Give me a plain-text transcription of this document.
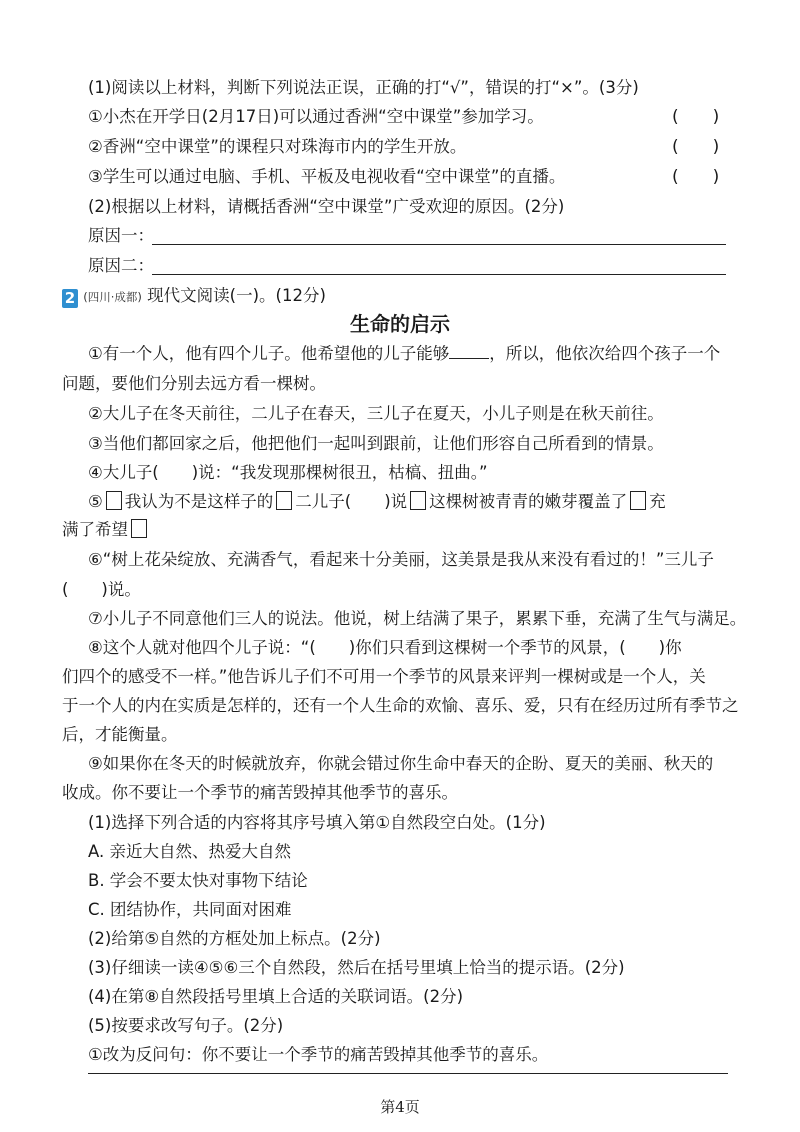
(1)阅读以上材料，判断下列说法正误，正确的打“√”，错误的打“×”。(3分)
①小杰在开学日(2月17日)可以通过香洲“空中课堂”参加学习。	(　　)
②香洲“空中课堂”的课程只对珠海市内的学生开放。	(　　)
③学生可以通过电脑、手机、平板及电视收看“空中课堂”的直播。	(　　)
(2)根据以上材料，请概括香洲“空中课堂”广受欢迎的原因。(2分)
原因一：
原因二：
2 (四川·成都) 现代文阅读(一)。(12分)
生命的启示
①有一个人，他有四个儿子。他希望他的儿子能够 ，所以，他依次给四个孩子一个
问题，要他们分别去远方看一棵树。
②大儿子在冬天前往，二儿子在春天，三儿子在夏天，小儿子则是在秋天前往。
③当他们都回家之后，他把他们一起叫到跟前，让他们形容自己所看到的情景。
④大儿子(　　)说：“我发现那棵树很丑，枯槁、扭曲。”
⑤ 我认为不是这样子的 二儿子(　　)说 这棵树被青青的嫩芽覆盖了 充
满了希望
⑥“树上花朵绽放、充满香气，看起来十分美丽，这美景是我从来没有看过的！”三儿子
(　　)说。
⑦小儿子不同意他们三人的说法。他说，树上结满了果子，累累下垂，充满了生气与满足。
⑧这个人就对他四个儿子说：“(　　)你们只看到这棵树一个季节的风景，(　　)你
们四个的感受不一样。”他告诉儿子们不可用一个季节的风景来评判一棵树或是一个人，关
于一个人的内在实质是怎样的，还有一个人生命的欢愉、喜乐、爱，只有在经历过所有季节之
后，才能衡量。
⑨如果你在冬天的时候就放弃，你就会错过你生命中春天的企盼、夏天的美丽、秋天的
收成。你不要让一个季节的痛苦毁掉其他季节的喜乐。
(1)选择下列合适的内容将其序号填入第①自然段空白处。(1分)
A. 亲近大自然、热爱大自然
B. 学会不要太快对事物下结论
C. 团结协作，共同面对困难
(2)给第⑤自然的方框处加上标点。(2分)
(3)仔细读一读④⑤⑥三个自然段，然后在括号里填上恰当的提示语。(2分)
(4)在第⑧自然段括号里填上合适的关联词语。(2分)
(5)按要求改写句子。(2分)
①改为反问句：你不要让一个季节的痛苦毁掉其他季节的喜乐。
第4页
